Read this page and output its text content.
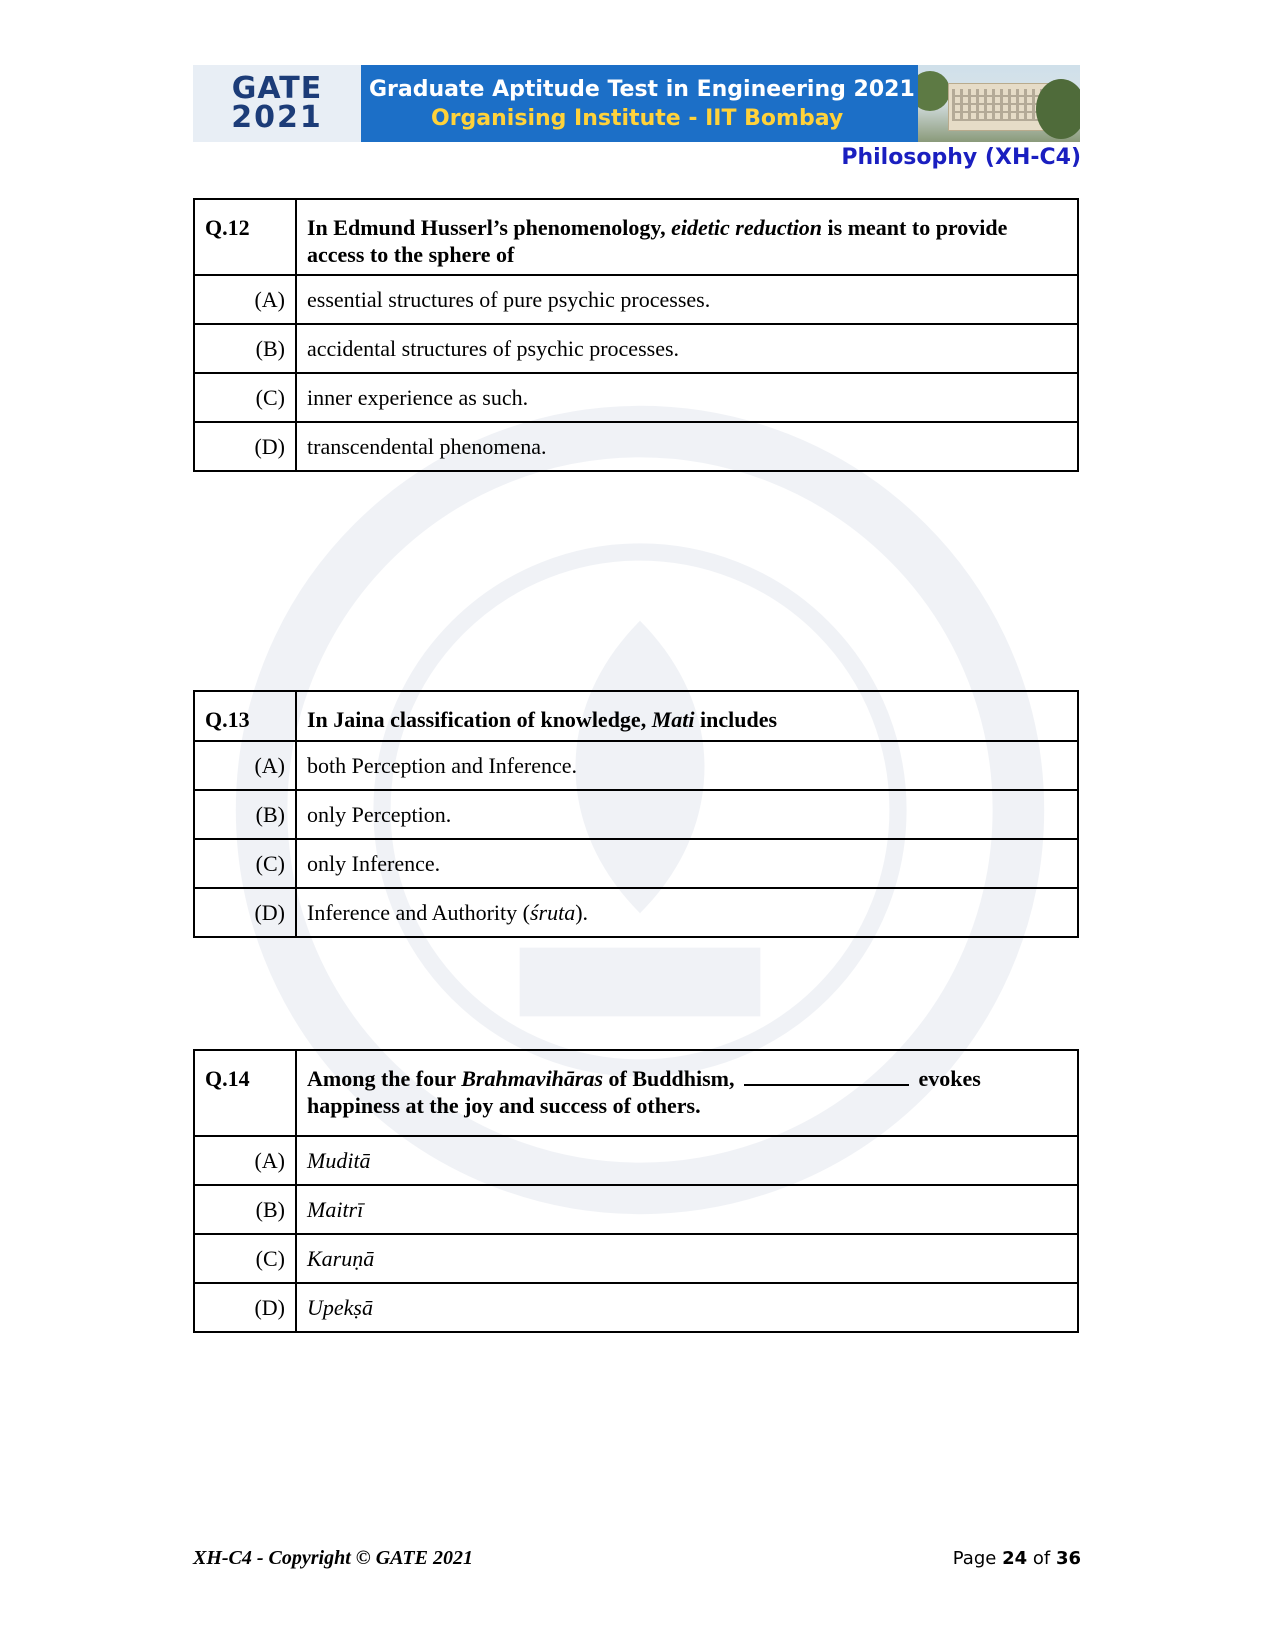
GATE
2021
Graduate Aptitude Test in Engineering 2021
Organising Institute - IIT Bombay
Philosophy (XH-C4)
Q.12	In Edmund Husserl’s phenomenology, eidetic reduction is meant to provide access to the sphere of
(A)	essential structures of pure psychic processes.
(B)	accidental structures of psychic processes.
(C)	inner experience as such.
(D)	transcendental phenomena.
Q.13	In Jaina classification of knowledge, Mati includes
(A)	both Perception and Inference.
(B)	only Perception.
(C)	only Inference.
(D)	Inference and Authority (śruta).
Q.14	Among the four Brahmavihāras of Buddhism, evokes happiness at the joy and success of others.
(A)	Muditā
(B)	Maitrī
(C)	Karuṇā
(D)	Upekṣā
XH-C4 - Copyright © GATE 2021	Page 24 of 36
